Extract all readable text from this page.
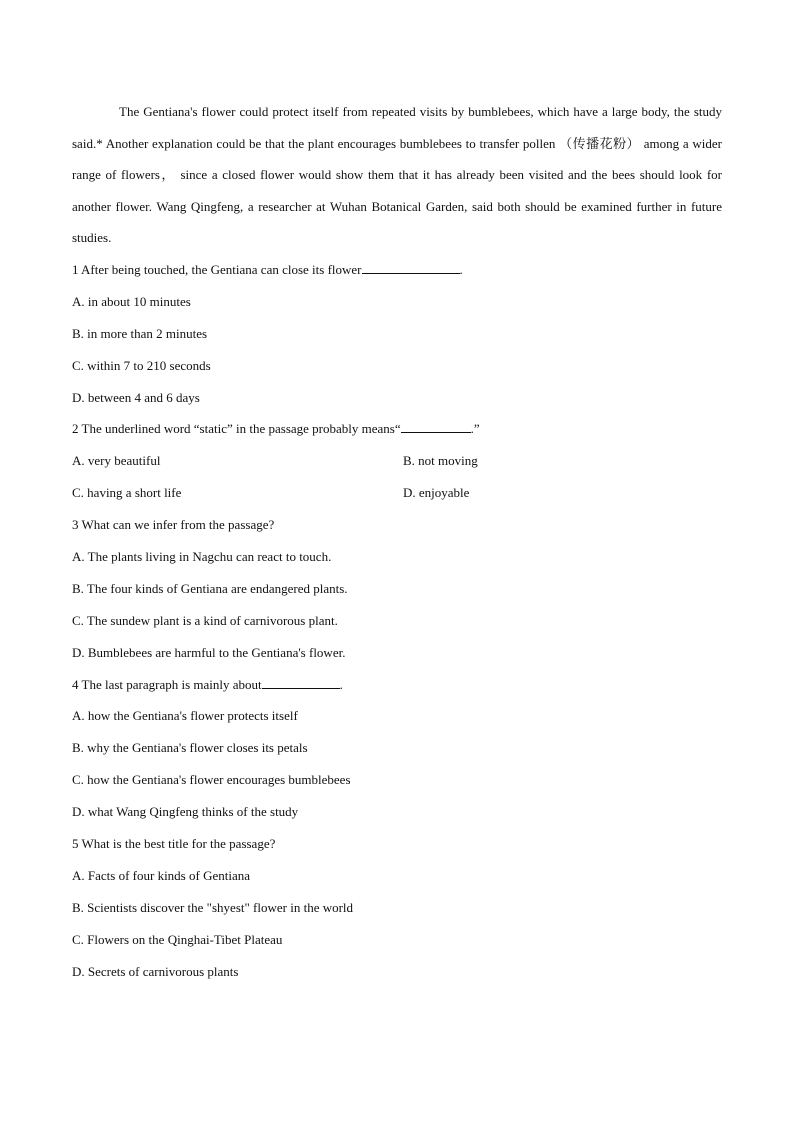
The Gentiana's flower could protect itself from repeated visits by bumblebees, which have a large body, the study said.* Another explanation could be that the plant encourages bumblebees to transfer pollen （传播花粉） among a wider range of flowers， since a closed flower would show them that it has already been visited and the bees should look for another flower. Wang Qingfeng, a researcher at Wuhan Botanical Garden, said both should be examined further in future studies.

1 After being touched, the Gentiana can close its flower	.
A. in about 10 minutes
B. in more than 2 minutes
C. within 7 to 210 seconds
D. between 4 and 6 days
2 The underlined word “static” in the passage probably means“	.”
A. very beautiful	B. not moving
C. having a short life	D. enjoyable
3 What can we infer from the passage?
A. The plants living in Nagchu can react to touch.
B. The four kinds of Gentiana are endangered plants.
C. The sundew plant is a kind of carnivorous plant.
D. Bumblebees are harmful to the Gentiana's flower.
4 The last paragraph is mainly about	.
A. how the Gentiana's flower protects itself
B. why the Gentiana's flower closes its petals
C. how the Gentiana's flower encourages bumblebees
D. what Wang Qingfeng thinks of the study
5 What is the best title for the passage?
A. Facts of four kinds of Gentiana
B. Scientists discover the "shyest" flower in the world
C. Flowers on the Qinghai-Tibet Plateau
D. Secrets of carnivorous plants
